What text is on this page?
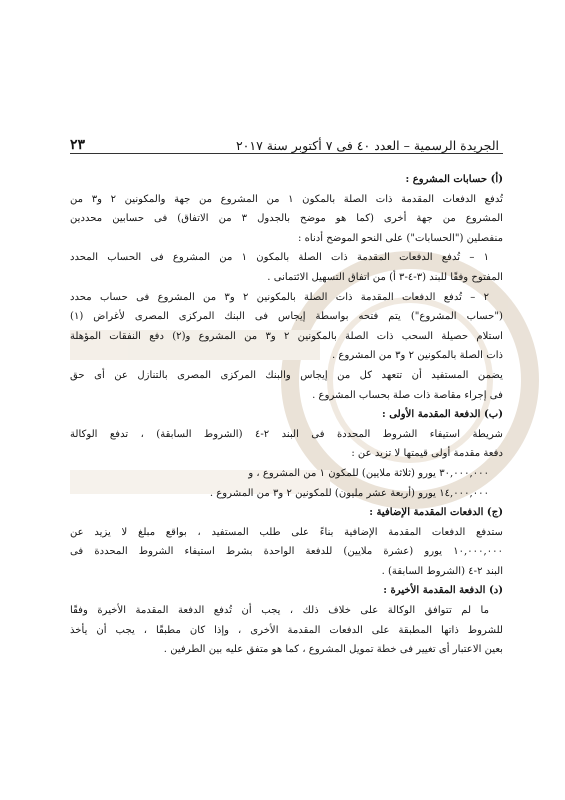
الجريدة الرسمية – العدد ٤٠ فى ٧ أكتوبر سنة ٢٠١٧
٢٣
(أ) حسابات المشروع :
تُدفع الدفعات المقدمة ذات الصلة بالمكون ١ من المشروع من جهة والمكونين ٢ و٣ من
المشروع من جهة أخرى (كما هو موضح بالجدول ٣ من الاتفاق) فى حسابين محددين
منفصلين ("الحسابات") على النحو الموضح أدناه :
١ – تُدفع الدفعات المقدمة ذات الصلة بالمكون ١ من المشروع فى الحساب المحدد
المفتوح وفقًا للبند (٣-٤-٣ أ) من اتفاق التسهيل الائتمانى .
٢ – تُدفع الدفعات المقدمة ذات الصلة بالمكونين ٢ و٣ من المشروع فى حساب محدد
("حساب المشروع") يتم فتحه بواسطة إيجاس فى البنك المركزى المصرى لأغراض (١)
استلام حصيلة السحب ذات الصلة بالمكونين ٢ و٣ من المشروع و(٢) دفع النفقات المؤهلة
ذات الصلة بالمكونين ٢ و٣ من المشروع .
يضمن المستفيد أن تتعهد كل من إيجاس والبنك المركزى المصرى بالتنازل عن أى حق
فى إجراء مقاصة ذات صلة بحساب المشروع .
(ب) الدفعة المقدمة الأولى :
شريطة استيفاء الشروط المحددة فى البند ٢-٤ (الشروط السابقة) ، تدفع الوكالة
دفعة مقدمة أولى قيمتها لا تزيد عن :
٣٠,٠٠٠,٠٠٠ يورو (ثلاثة ملايين) للمكون ١ من المشروع ، و
١٤,٠٠٠,٠٠٠ يورو (أربعة عشر مليون) للمكونين ٢ و٣ من المشروع .
(ج) الدفعات المقدمة الإضافية :
ستدفع الدفعات المقدمة الإضافية بناءً على طلب المستفيد ، بواقع مبلغ لا يزيد عن
١٠,٠٠٠,٠٠٠ يورو (عشرة ملايين) للدفعة الواحدة بشرط استيفاء الشروط المحددة فى
البند ٢-٤ (الشروط السابقة) .
(د) الدفعة المقدمة الأخيرة :
ما لم تتوافق الوكالة على خلاف ذلك ، يجب أن تُدفع الدفعة المقدمة الأخيرة وفقًا
للشروط ذاتها المطبقة على الدفعات المقدمة الأخرى ، وإذا كان مطبقًا ، يجب أن يأخذ
بعين الاعتبار أى تغيير فى خطة تمويل المشروع ، كما هو متفق عليه بين الطرفين .
